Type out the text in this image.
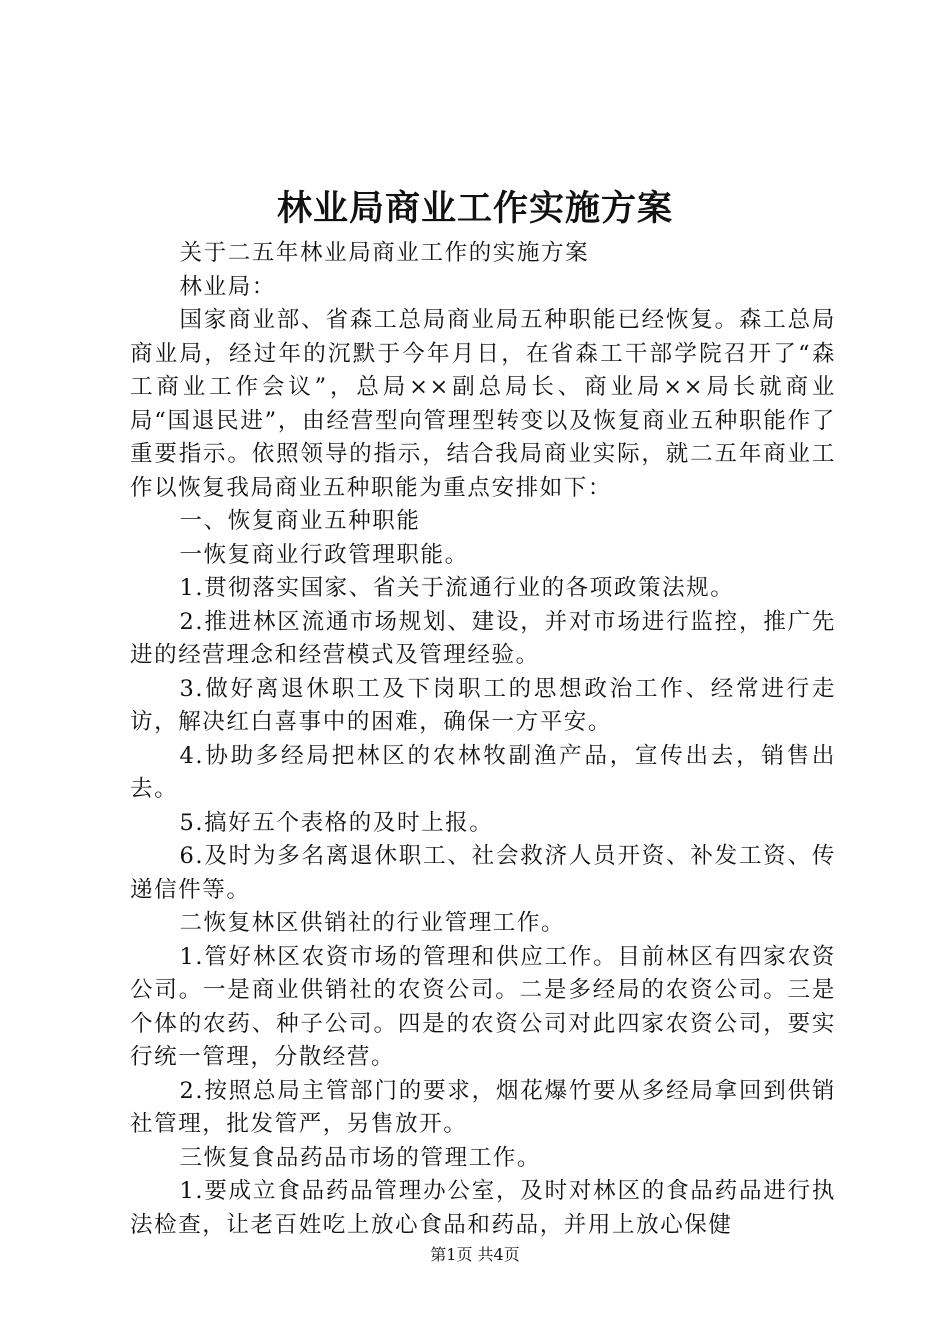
林业局商业工作实施方案

关于二五年林业局商业工作的实施方案

林业局：

国家商业部、省森工总局商业局五种职能已经恢复。森工总局商业局，经过年的沉默于今年月日，在省森工干部学院召开了“森工商业工作会议”，总局××副总局长、商业局××局长就商业局“国退民进”，由经营型向管理型转变以及恢复商业五种职能作了重要指示。依照领导的指示，结合我局商业实际，就二五年商业工作以恢复我局商业五种职能为重点安排如下：

一、恢复商业五种职能

一恢复商业行政管理职能。

1.贯彻落实国家、省关于流通行业的各项政策法规。

2.推进林区流通市场规划、建设，并对市场进行监控，推广先进的经营理念和经营模式及管理经验。

3.做好离退休职工及下岗职工的思想政治工作、经常进行走访，解决红白喜事中的困难，确保一方平安。

4.协助多经局把林区的农林牧副渔产品，宣传出去，销售出去。

5.搞好五个表格的及时上报。

6.及时为多名离退休职工、社会救济人员开资、补发工资、传递信件等。

二恢复林区供销社的行业管理工作。

1.管好林区农资市场的管理和供应工作。目前林区有四家农资公司。一是商业供销社的农资公司。二是多经局的农资公司。三是个体的农药、种子公司。四是的农资公司对此四家农资公司，要实行统一管理，分散经营。

2.按照总局主管部门的要求，烟花爆竹要从多经局拿回到供销社管理，批发管严，另售放开。

三恢复食品药品市场的管理工作。

1.要成立食品药品管理办公室，及时对林区的食品药品进行执法检查，让老百姓吃上放心食品和药品，并用上放心保健

第1页 共4页
